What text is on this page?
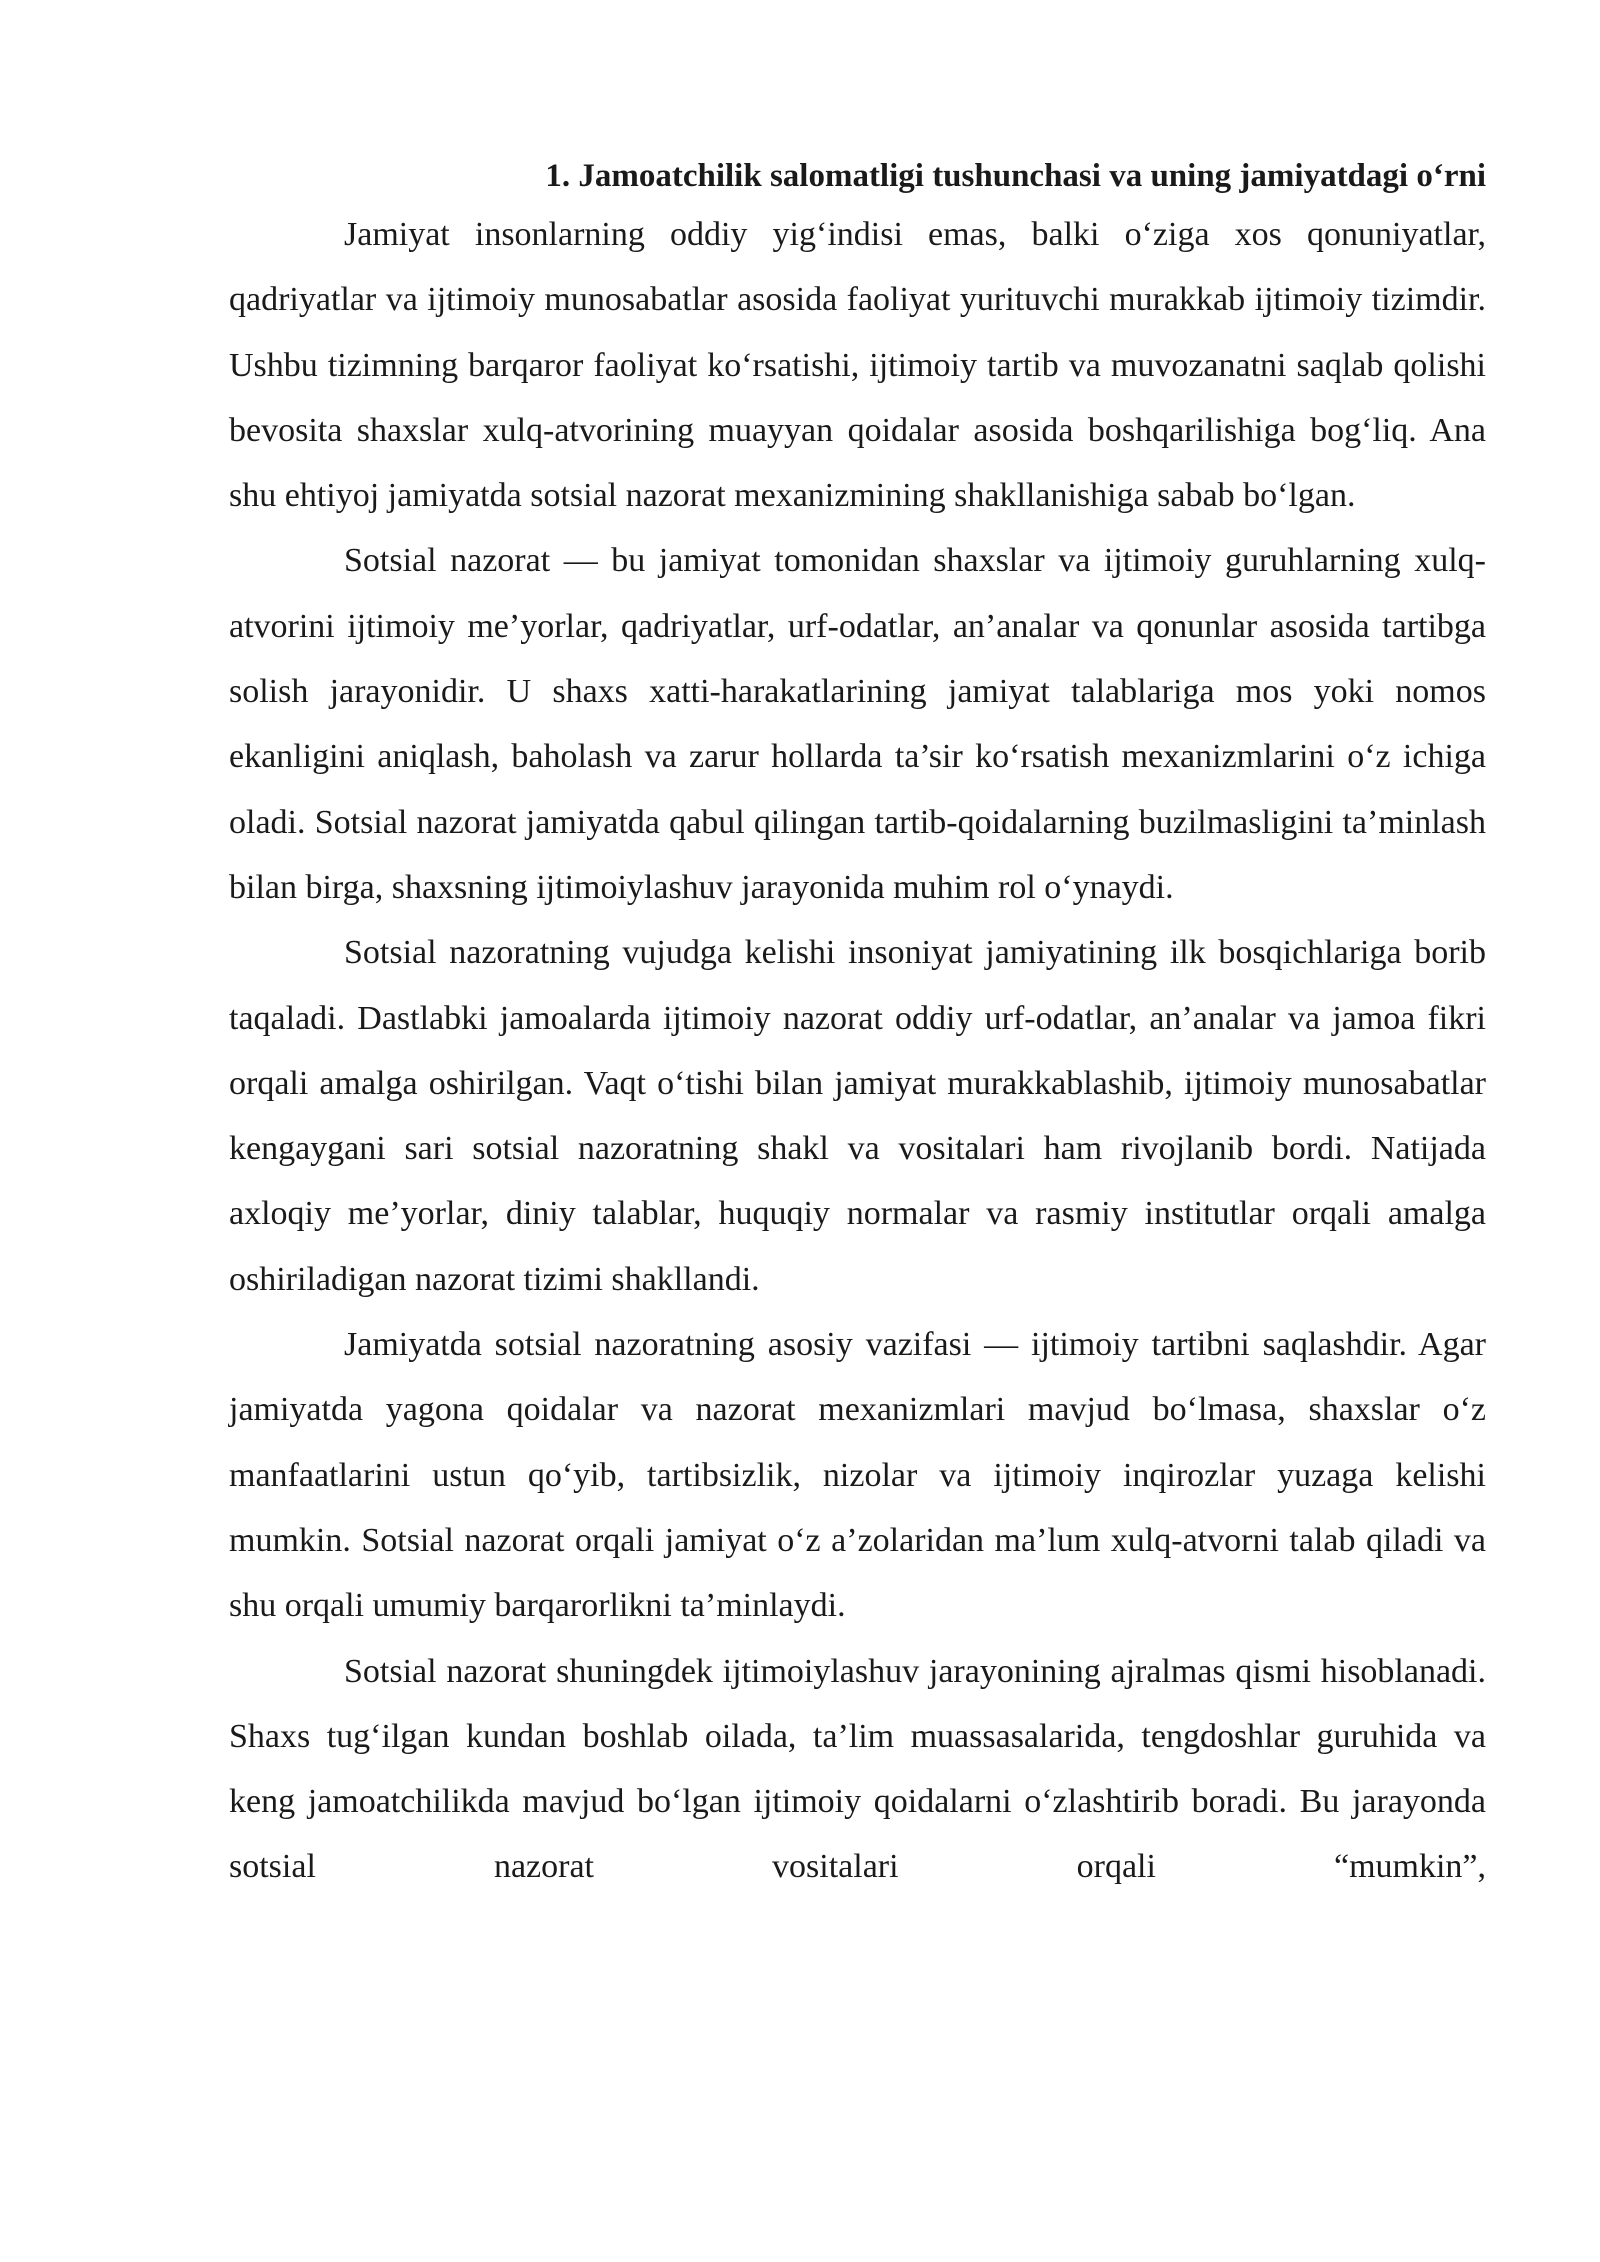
1. Jamoatchilik salomatligi tushunchasi va uning jamiyatdagi o‘rni

Jamiyat insonlarning oddiy yig‘indisi emas, balki o‘ziga xos qonuniyatlar, qadriyatlar va ijtimoiy munosabatlar asosida faoliyat yurituvchi murakkab ijtimoiy tizimdir. Ushbu tizimning barqaror faoliyat ko‘rsatishi, ijtimoiy tartib va muvozanatni saqlab qolishi bevosita shaxslar xulq-atvorining muayyan qoidalar asosida boshqarilishiga bog‘liq. Ana shu ehtiyoj jamiyatda sotsial nazorat mexanizmining shakllanishiga sabab bo‘lgan.

Sotsial nazorat — bu jamiyat tomonidan shaxslar va ijtimoiy guruhlarning xulq-atvorini ijtimoiy me’yorlar, qadriyatlar, urf-odatlar, an’analar va qonunlar asosida tartibga solish jarayonidir. U shaxs xatti-harakatlarining jamiyat talablariga mos yoki nomos ekanligini aniqlash, baholash va zarur hollarda ta’sir ko‘rsatish mexanizmlarini o‘z ichiga oladi. Sotsial nazorat jamiyatda qabul qilingan tartib-qoidalarning buzilmasligini ta’minlash bilan birga, shaxsning ijtimoiylashuv jarayonida muhim rol o‘ynaydi.

Sotsial nazoratning vujudga kelishi insoniyat jamiyatining ilk bosqichlariga borib taqaladi. Dastlabki jamoalarda ijtimoiy nazorat oddiy urf-odatlar, an’analar va jamoa fikri orqali amalga oshirilgan. Vaqt o‘tishi bilan jamiyat murakkablashib, ijtimoiy munosabatlar kengaygani sari sotsial nazoratning shakl va vositalari ham rivojlanib bordi. Natijada axloqiy me’yorlar, diniy talablar, huquqiy normalar va rasmiy institutlar orqali amalga oshiriladigan nazorat tizimi shakllandi.

Jamiyatda sotsial nazoratning asosiy vazifasi — ijtimoiy tartibni saqlashdir. Agar jamiyatda yagona qoidalar va nazorat mexanizmlari mavjud bo‘lmasa, shaxslar o‘z manfaatlarini ustun qo‘yib, tartibsizlik, nizolar va ijtimoiy inqirozlar yuzaga kelishi mumkin. Sotsial nazorat orqali jamiyat o‘z a’zolaridan ma’lum xulq-atvorni talab qiladi va shu orqali umumiy barqarorlikni ta’minlaydi.

Sotsial nazorat shuningdek ijtimoiylashuv jarayonining ajralmas qismi hisoblanadi. Shaxs tug‘ilgan kundan boshlab oilada, ta’lim muassasalarida, tengdoshlar guruhida va keng jamoatchilikda mavjud bo‘lgan ijtimoiy qoidalarni o‘zlashtirib boradi. Bu jarayonda sotsial nazorat vositalari orqali “mumkin”,
